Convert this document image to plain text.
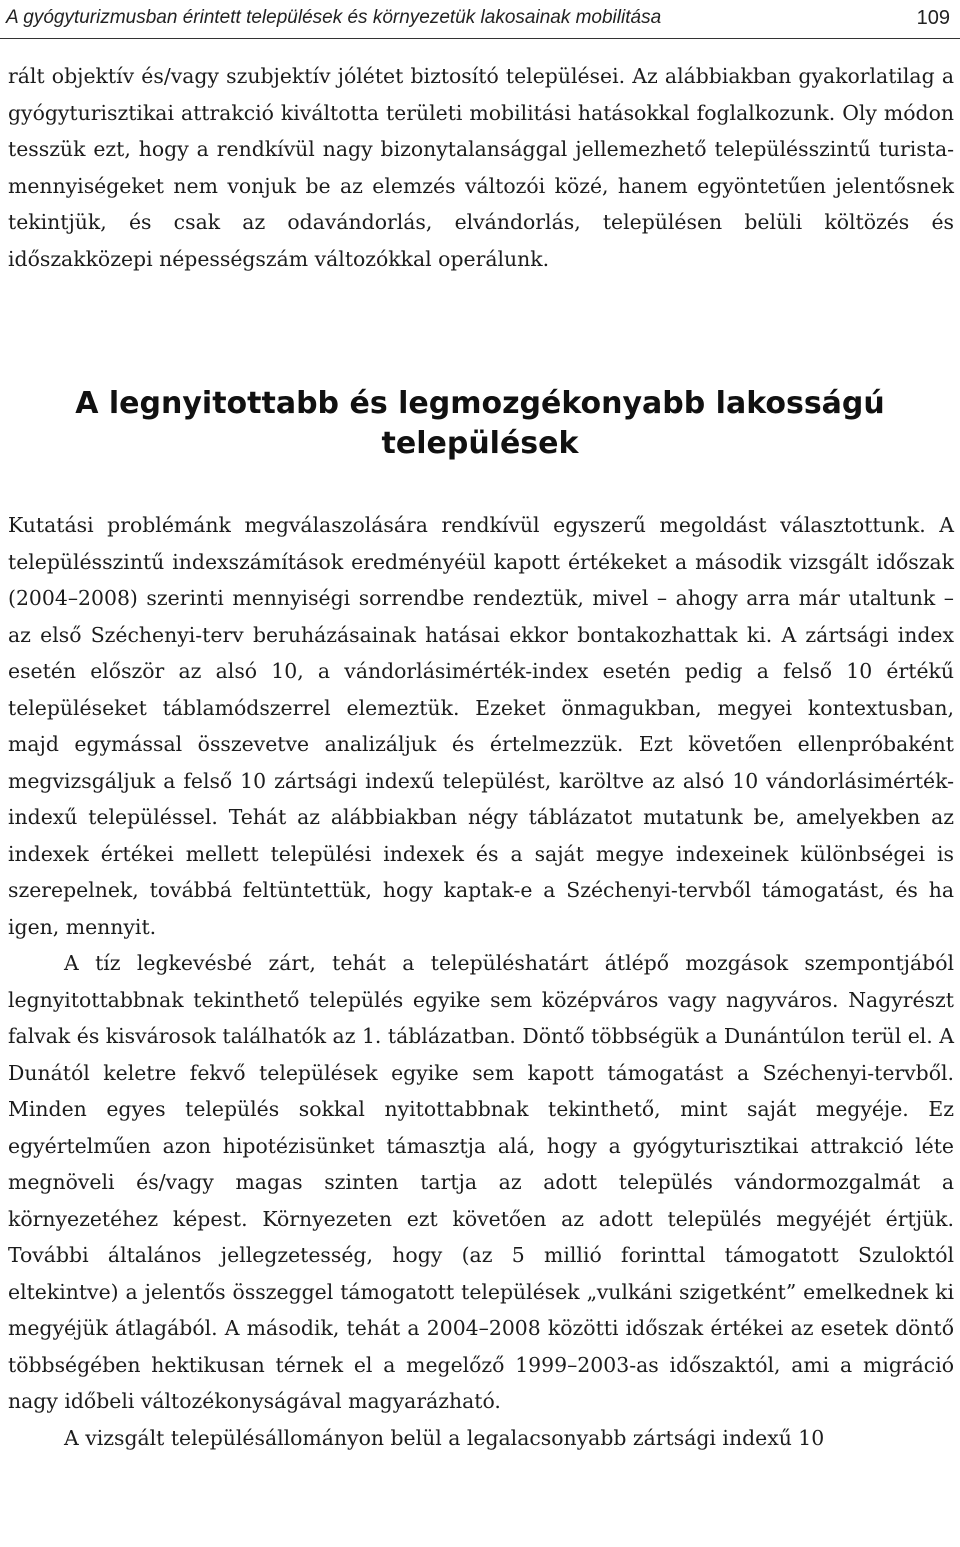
A gyógyturizmusban érintett települések és környezetük lakosainak mobilitása	109

rált objektív és/vagy szubjektív jólétet biztosító települései. Az alábbiakban gyakorlatilag a gyógyturisztikai attrakció kiváltotta területi mobilitási hatásokkal foglalkozunk. Oly módon tesszük ezt, hogy a rendkívül nagy bizonytalansággal jellemezhető településszintű turista-mennyiségeket nem vonjuk be az elemzés változói közé, hanem egyöntetűen jelentősnek tekintjük, és csak az odavándorlás, elvándorlás, településen belüli költözés és időszakközepi népességszám változókkal operálunk.

A legnyitottabb és legmozgékonyabb lakosságú
települések

Kutatási problémánk megválaszolására rendkívül egyszerű megoldást választottunk. A településszintű indexszámítások eredményéül kapott értékeket a második vizsgált időszak (2004–2008) szerinti mennyiségi sorrendbe rendeztük, mivel – ahogy arra már utaltunk – az első Széchenyi-terv beruházásainak hatásai ekkor bontakozhattak ki. A zártsági index esetén először az alsó 10, a vándorlásimérték-index esetén pedig a felső 10 értékű településeket táblamódszerrel elemeztük. Ezeket önmagukban, megyei kontextusban, majd egymással összevetve analizáljuk és értelmezzük. Ezt követően ellenpróbaként megvizsgáljuk a felső 10 zártsági indexű települést, karöltve az alsó 10 vándorlásimérték-indexű településsel. Tehát az alábbiakban négy táblázatot mutatunk be, amelyekben az indexek értékei mellett települési indexek és a saját megye indexeinek különbségei is szerepelnek, továbbá feltüntettük, hogy kaptak-e a Széchenyi-tervből támogatást, és ha igen, mennyit.

A tíz legkevésbé zárt, tehát a településhatárt átlépő mozgások szempontjából legnyitottabbnak tekinthető település egyike sem középváros vagy nagyváros. Nagyrészt falvak és kisvárosok találhatók az 1. táblázatban. Döntő többségük a Dunántúlon terül el. A Dunától keletre fekvő települések egyike sem kapott támogatást a Széchenyi-tervből. Minden egyes település sokkal nyitottabbnak tekinthető, mint saját megyéje. Ez egyértelműen azon hipotézisünket támasztja alá, hogy a gyógyturisztikai attrakció léte megnöveli és/vagy magas szinten tartja az adott település vándormozgalmát a környezetéhez képest. Környezeten ezt követően az adott település megyéjét értjük. További általános jellegzetesség, hogy (az 5 millió forinttal támogatott Szuloktól eltekintve) a jelentős összeggel támogatott települések „vulkáni szigetként” emelkednek ki megyéjük átlagából. A második, tehát a 2004–2008 közötti időszak értékei az esetek döntő többségében hektikusan térnek el a megelőző 1999–2003-as időszaktól, ami a migráció nagy időbeli változékonyságával magyarázható.

A vizsgált településállományon belül a legalacsonyabb zártsági indexű 10
